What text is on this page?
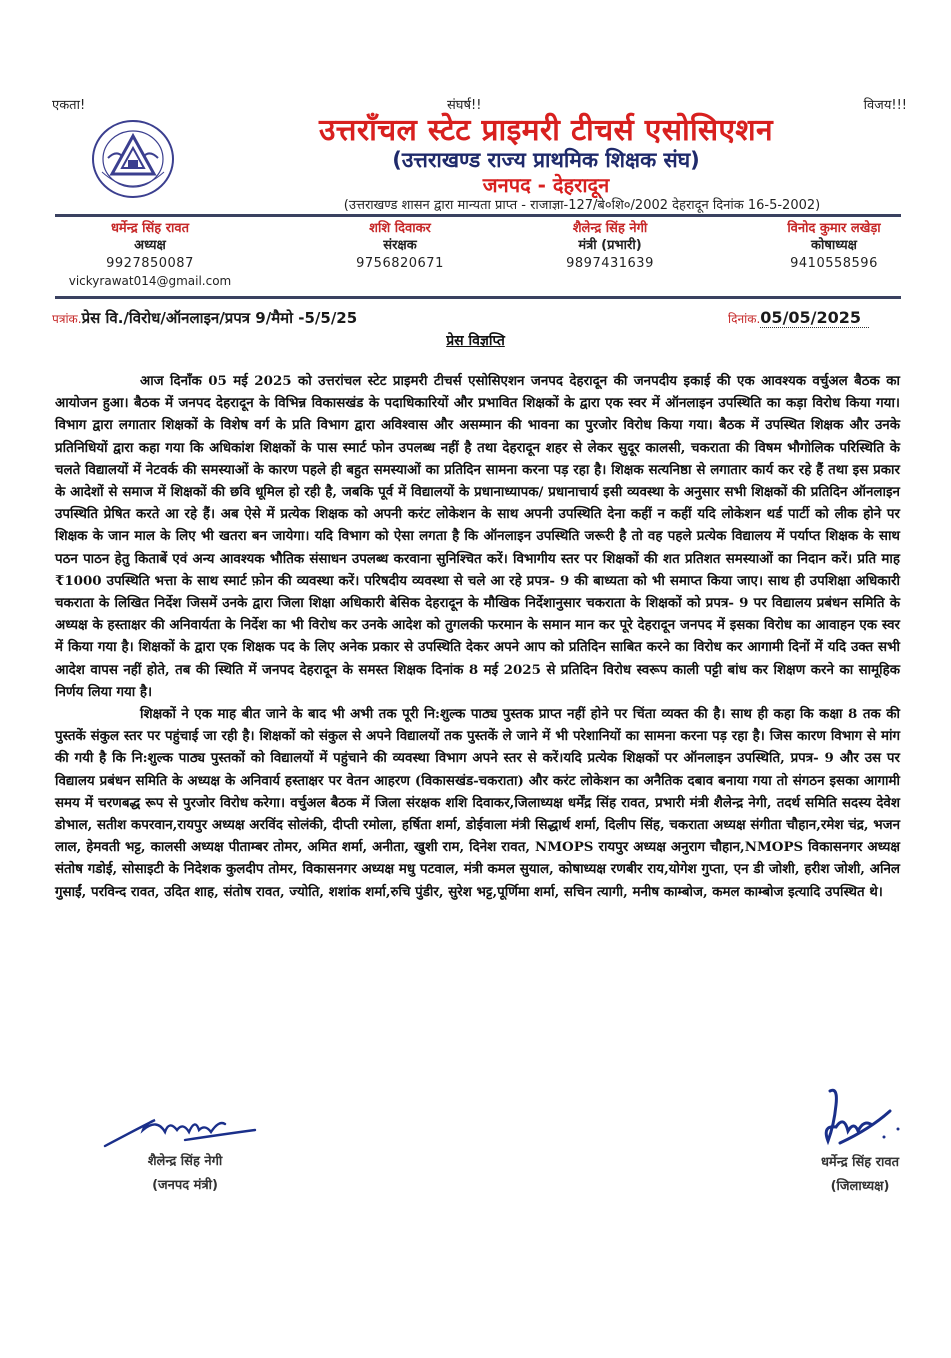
एकता!	संघर्ष!!	विजय!!!
उत्तराँचल स्टेट प्राइमरी टीचर्स एसोसिएशन
(उत्तराखण्ड राज्य प्राथमिक शिक्षक संघ)
जनपद - देहरादून
(उत्तराखण्ड शासन द्वारा मान्यता प्राप्त - राजाज्ञा-127/बे०शि०/2002 देहरादून दिनांक 16-5-2002)
धर्मेन्द्र सिंह रावत
अध्यक्ष
9927850087
vickyrawat014@gmail.com
शशि दिवाकर
संरक्षक
9756820671
शैलेन्द्र सिंह नेगी
मंत्री (प्रभारी)
9897431639
विनोद कुमार लखेड़ा
कोषाध्यक्ष
9410558596
पत्रांक.प्रेस वि./विरोध/ऑनलाइन/प्रपत्र 9/मैमो -5/5/25	दिनांक.05/05/2025
प्रेस विज्ञप्ति

आज दिनाँक 05 मई 2025 को उत्तरांचल स्टेट प्राइमरी टीचर्स एसोसिएशन जनपद देहरादून की जनपदीय इकाई की एक आवश्यक वर्चुअल बैठक का आयोजन हुआ। बैठक में जनपद देहरादून के विभिन्न विकासखंड के पदाधिकारियों और प्रभावित शिक्षकों के द्वारा एक स्वर में ऑनलाइन उपस्थिति का कड़ा विरोध किया गया। विभाग द्वारा लगातार शिक्षकों के विशेष वर्ग के प्रति विभाग द्वारा अविश्वास और असम्मान की भावना का पुरजोर विरोध किया गया। बैठक में उपस्थित शिक्षक और उनके प्रतिनिधियों द्वारा कहा गया कि अधिकांश शिक्षकों के पास स्मार्ट फोन उपलब्ध नहीं है तथा देहरादून शहर से लेकर सुदूर कालसी, चकराता की विषम भौगोलिक परिस्थिति के चलते विद्यालयों में नेटवर्क की समस्याओं के कारण पहले ही बहुत समस्याओं का प्रतिदिन सामना करना पड़ रहा है। शिक्षक सत्यनिष्ठा से लगातार कार्य कर रहे हैं तथा इस प्रकार के आदेशों से समाज में शिक्षकों की छवि धूमिल हो रही है, जबकि पूर्व में विद्यालयों के प्रधानाध्यापक/ प्रधानाचार्य इसी व्यवस्था के अनुसार सभी शिक्षकों की प्रतिदिन ऑनलाइन उपस्थिति प्रेषित करते आ रहे हैं। अब ऐसे में प्रत्येक शिक्षक को अपनी करंट लोकेशन के साथ अपनी उपस्थिति देना कहीं न कहीं यदि लोकेशन थर्ड पार्टी को लीक होने पर शिक्षक के जान माल के लिए भी खतरा बन जायेगा। यदि विभाग को ऐसा लगता है कि ऑनलाइन उपस्थिति जरूरी है तो वह पहले प्रत्येक विद्यालय में पर्याप्त शिक्षक के साथ पठन पाठन हेतु किताबें एवं अन्य आवश्यक भौतिक संसाधन उपलब्ध करवाना सुनिश्चित करें। विभागीय स्तर पर शिक्षकों की शत प्रतिशत समस्याओं का निदान करें। प्रति माह ₹1000 उपस्थिति भत्ता के साथ स्मार्ट फ़ोन की व्यवस्था करें। परिषदीय व्यवस्था से चले आ रहे प्रपत्र- 9 की बाध्यता को भी समाप्त किया जाए। साथ ही उपशिक्षा अधिकारी चकराता के लिखित निर्देश जिसमें उनके द्वारा जिला शिक्षा अधिकारी बेसिक देहरादून के मौखिक निर्देशानुसार चकराता के शिक्षकों को प्रपत्र- 9 पर विद्यालय प्रबंधन समिति के अध्यक्ष के हस्ताक्षर की अनिवार्यता के निर्देश का भी विरोध कर उनके आदेश को तुगलकी फरमान के समान मान कर पूरे देहरादून जनपद में इसका विरोध का आवाहन एक स्वर में किया गया है। शिक्षकों के द्वारा एक शिक्षक पद के लिए अनेक प्रकार से उपस्थिति देकर अपने आप को प्रतिदिन साबित करने का विरोध कर आगामी दिनों में यदि उक्त सभी आदेश वापस नहीं होते, तब की स्थिति में जनपद देहरादून के समस्त शिक्षक दिनांक 8 मई 2025 से प्रतिदिन विरोध स्वरूप काली पट्टी बांध कर शिक्षण करने का सामूहिक निर्णय लिया गया है।

शिक्षकों ने एक माह बीत जाने के बाद भी अभी तक पूरी नि:शुल्क पाठ्य पुस्तक प्राप्त नहीं होने पर चिंता व्यक्त की है। साथ ही कहा कि कक्षा 8 तक की पुस्तकें संकुल स्तर पर पहुंचाई जा रही है। शिक्षकों को संकुल से अपने विद्यालयों तक पुस्तकें ले जाने में भी परेशानियों का सामना करना पड़ रहा है। जिस कारण विभाग से मांग की गयी है कि नि:शुल्क पाठ्य पुस्तकों को विद्यालयों में पहुंचाने की व्यवस्था विभाग अपने स्तर से करें।यदि प्रत्येक शिक्षकों पर ऑनलाइन उपस्थिति, प्रपत्र- 9 और उस पर विद्यालय प्रबंधन समिति के अध्यक्ष के अनिवार्य हस्ताक्षर पर वेतन आहरण (विकासखंड-चकराता) और करंट लोकेशन का अनैतिक दबाव बनाया गया तो संगठन इसका आगामी समय में चरणबद्ध रूप से पुरजोर विरोध करेगा। वर्चुअल बैठक में जिला संरक्षक शशि दिवाकर,जिलाध्यक्ष धर्मेंद्र सिंह रावत, प्रभारी मंत्री शैलेन्द्र नेगी, तदर्थ समिति सदस्य देवेश डोभाल, सतीश कपरवान,रायपुर अध्यक्ष अरविंद सोलंकी, दीप्ती रमोला, हर्षिता शर्मा, डोईवाला मंत्री सिद्धार्थ शर्मा, दिलीप सिंह, चकराता अध्यक्ष संगीता चौहान,रमेश चंद्र, भजन लाल, हेमवती भट्ट, कालसी अध्यक्ष पीताम्बर तोमर, अमित शर्मा, अनीता, खुशी राम, दिनेश रावत, NMOPS रायपुर अध्यक्ष अनुराग चौहान,NMOPS विकासनगर अध्यक्ष संतोष गडोई, सोसाइटी के निदेशक कुलदीप तोमर, विकासनगर अध्यक्ष मधु पटवाल, मंत्री कमल सुयाल, कोषाध्यक्ष रणबीर राय,योगेश गुप्ता, एन डी जोशी, हरीश जोशी, अनिल गुसाईं, परविन्द रावत, उदित शाह, संतोष रावत, ज्योति, शशांक शर्मा,रुचि पुंडीर, सुरेश भट्ट,पूर्णिमा शर्मा, सचिन त्यागी, मनीष काम्बोज, कमल काम्बोज इत्यादि उपस्थित थे।

शैलेन्द्र सिंह नेगी
(जनपद मंत्री)
धर्मेन्द्र सिंह रावत
(जिलाध्यक्ष)
